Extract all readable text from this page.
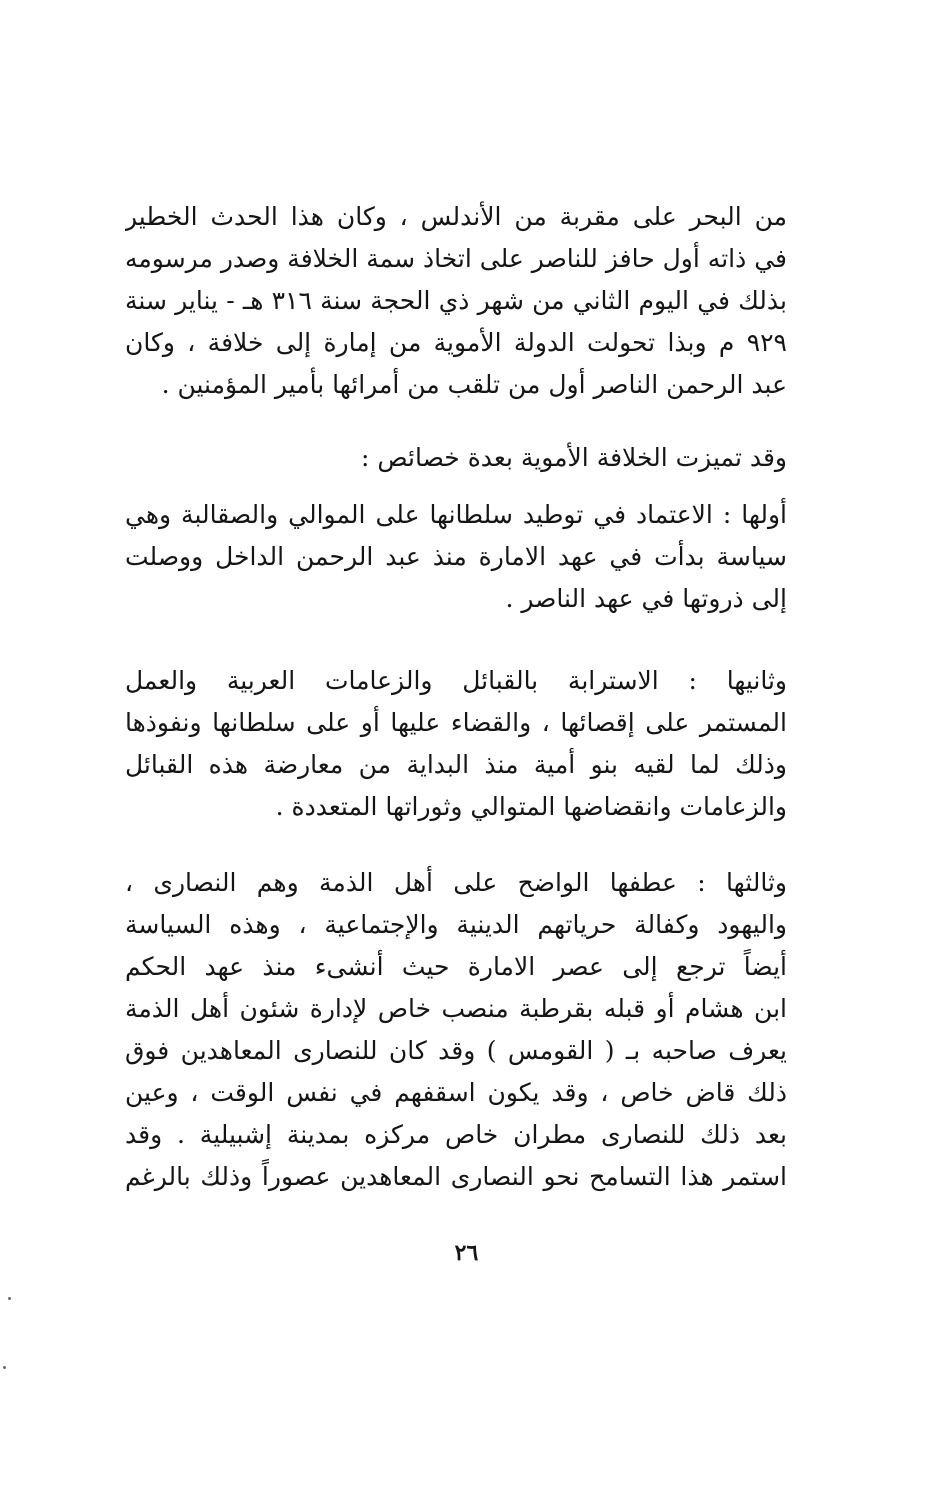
من البحر على مقربة من الأندلس ، وكان هذا الحدث الخطير
في ذاته أول حافز للناصر على اتخاذ سمة الخلافة وصدر مرسومه
بذلك في اليوم الثاني من شهر ذي الحجة سنة ٣١٦ هـ - يناير سنة
٩٢٩ م وبذا تحولت الدولة الأموية من إمارة إلى خلافة ، وكان
عبد الرحمن الناصر أول من تلقب من أمرائها بأمير المؤمنين .
وقد تميزت الخلافة الأموية بعدة خصائص :
أولها : الاعتماد في توطيد سلطانها على الموالي والصقالبة وهي
سياسة بدأت في عهد الامارة منذ عبد الرحمن الداخل ووصلت
إلى ذروتها في عهد الناصر .
وثانيها : الاسترابة بالقبائل والزعامات العربية والعمل
المستمر على إقصائها ، والقضاء عليها أو على سلطانها ونفوذها
وذلك لما لقيه بنو أمية منذ البداية من معارضة هذه القبائل
والزعامات وانقضاضها المتوالي وثوراتها المتعددة .
وثالثها : عطفها الواضح على أهل الذمة وهم النصارى ،
واليهود وكفالة حرياتهم الدينية والإجتماعية ، وهذه السياسة
أيضاً ترجع إلى عصر الامارة حيث أنشىء منذ عهد الحكم
ابن هشام أو قبله بقرطبة منصب خاص لإدارة شئون أهل الذمة
يعرف صاحبه بـ ( القومس ) وقد كان للنصارى المعاهدين فوق
ذلك قاض خاص ، وقد يكون اسقفهم في نفس الوقت ، وعين
بعد ذلك للنصارى مطران خاص مركزه بمدينة إشبيلية . وقد
استمر هذا التسامح نحو النصارى المعاهدين عصوراً وذلك بالرغم
٢٦
